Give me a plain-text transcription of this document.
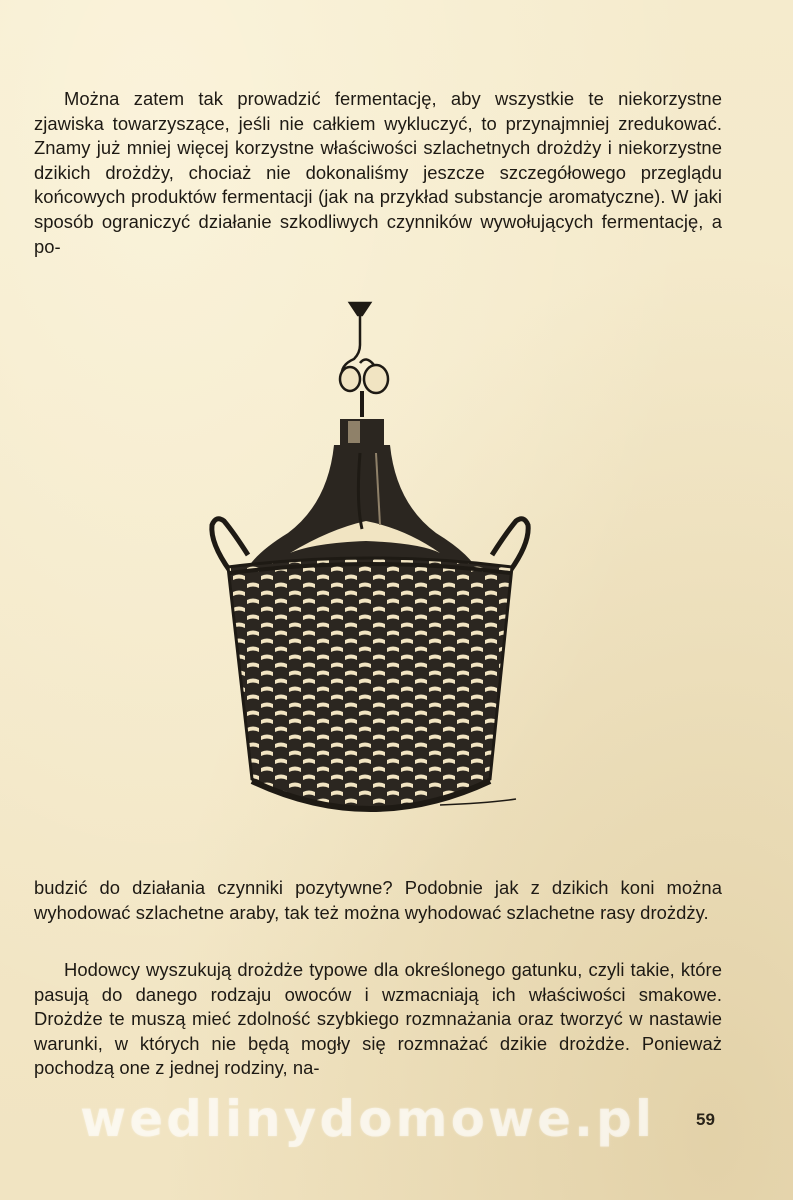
Można zatem tak prowadzić fermentację, aby wszystkie te niekorzystne zjawiska towarzyszące, jeśli nie całkiem wykluczyć, to przynajmniej zredukować. Znamy już mniej więcej korzystne właściwości szlachetnych drożdży i niekorzystne dzikich drożdży, chociaż nie dokonaliśmy jeszcze szczegółowego przeglądu końcowych produktów fermentacji (jak na przykład substancje aromatyczne). W jaki sposób ograniczyć działanie szkodliwych czynników wywołujących fermentację, a po-

budzić do działania czynniki pozytywne? Podobnie jak z dzikich koni można wyhodować szlachetne araby, tak też można wyhodować szlachetne rasy drożdży.

Hodowcy wyszukują drożdże typowe dla określonego gatunku, czyli takie, które pasują do danego rodzaju owoców i wzmacniają ich właściwości smakowe. Drożdże te muszą mieć zdolność szybkiego rozmnażania oraz tworzyć w nastawie warunki, w których nie będą mogły się rozmnażać dzikie drożdże. Ponieważ pochodzą one z jednej rodziny, na-

wedlinydomowe.pl	59
